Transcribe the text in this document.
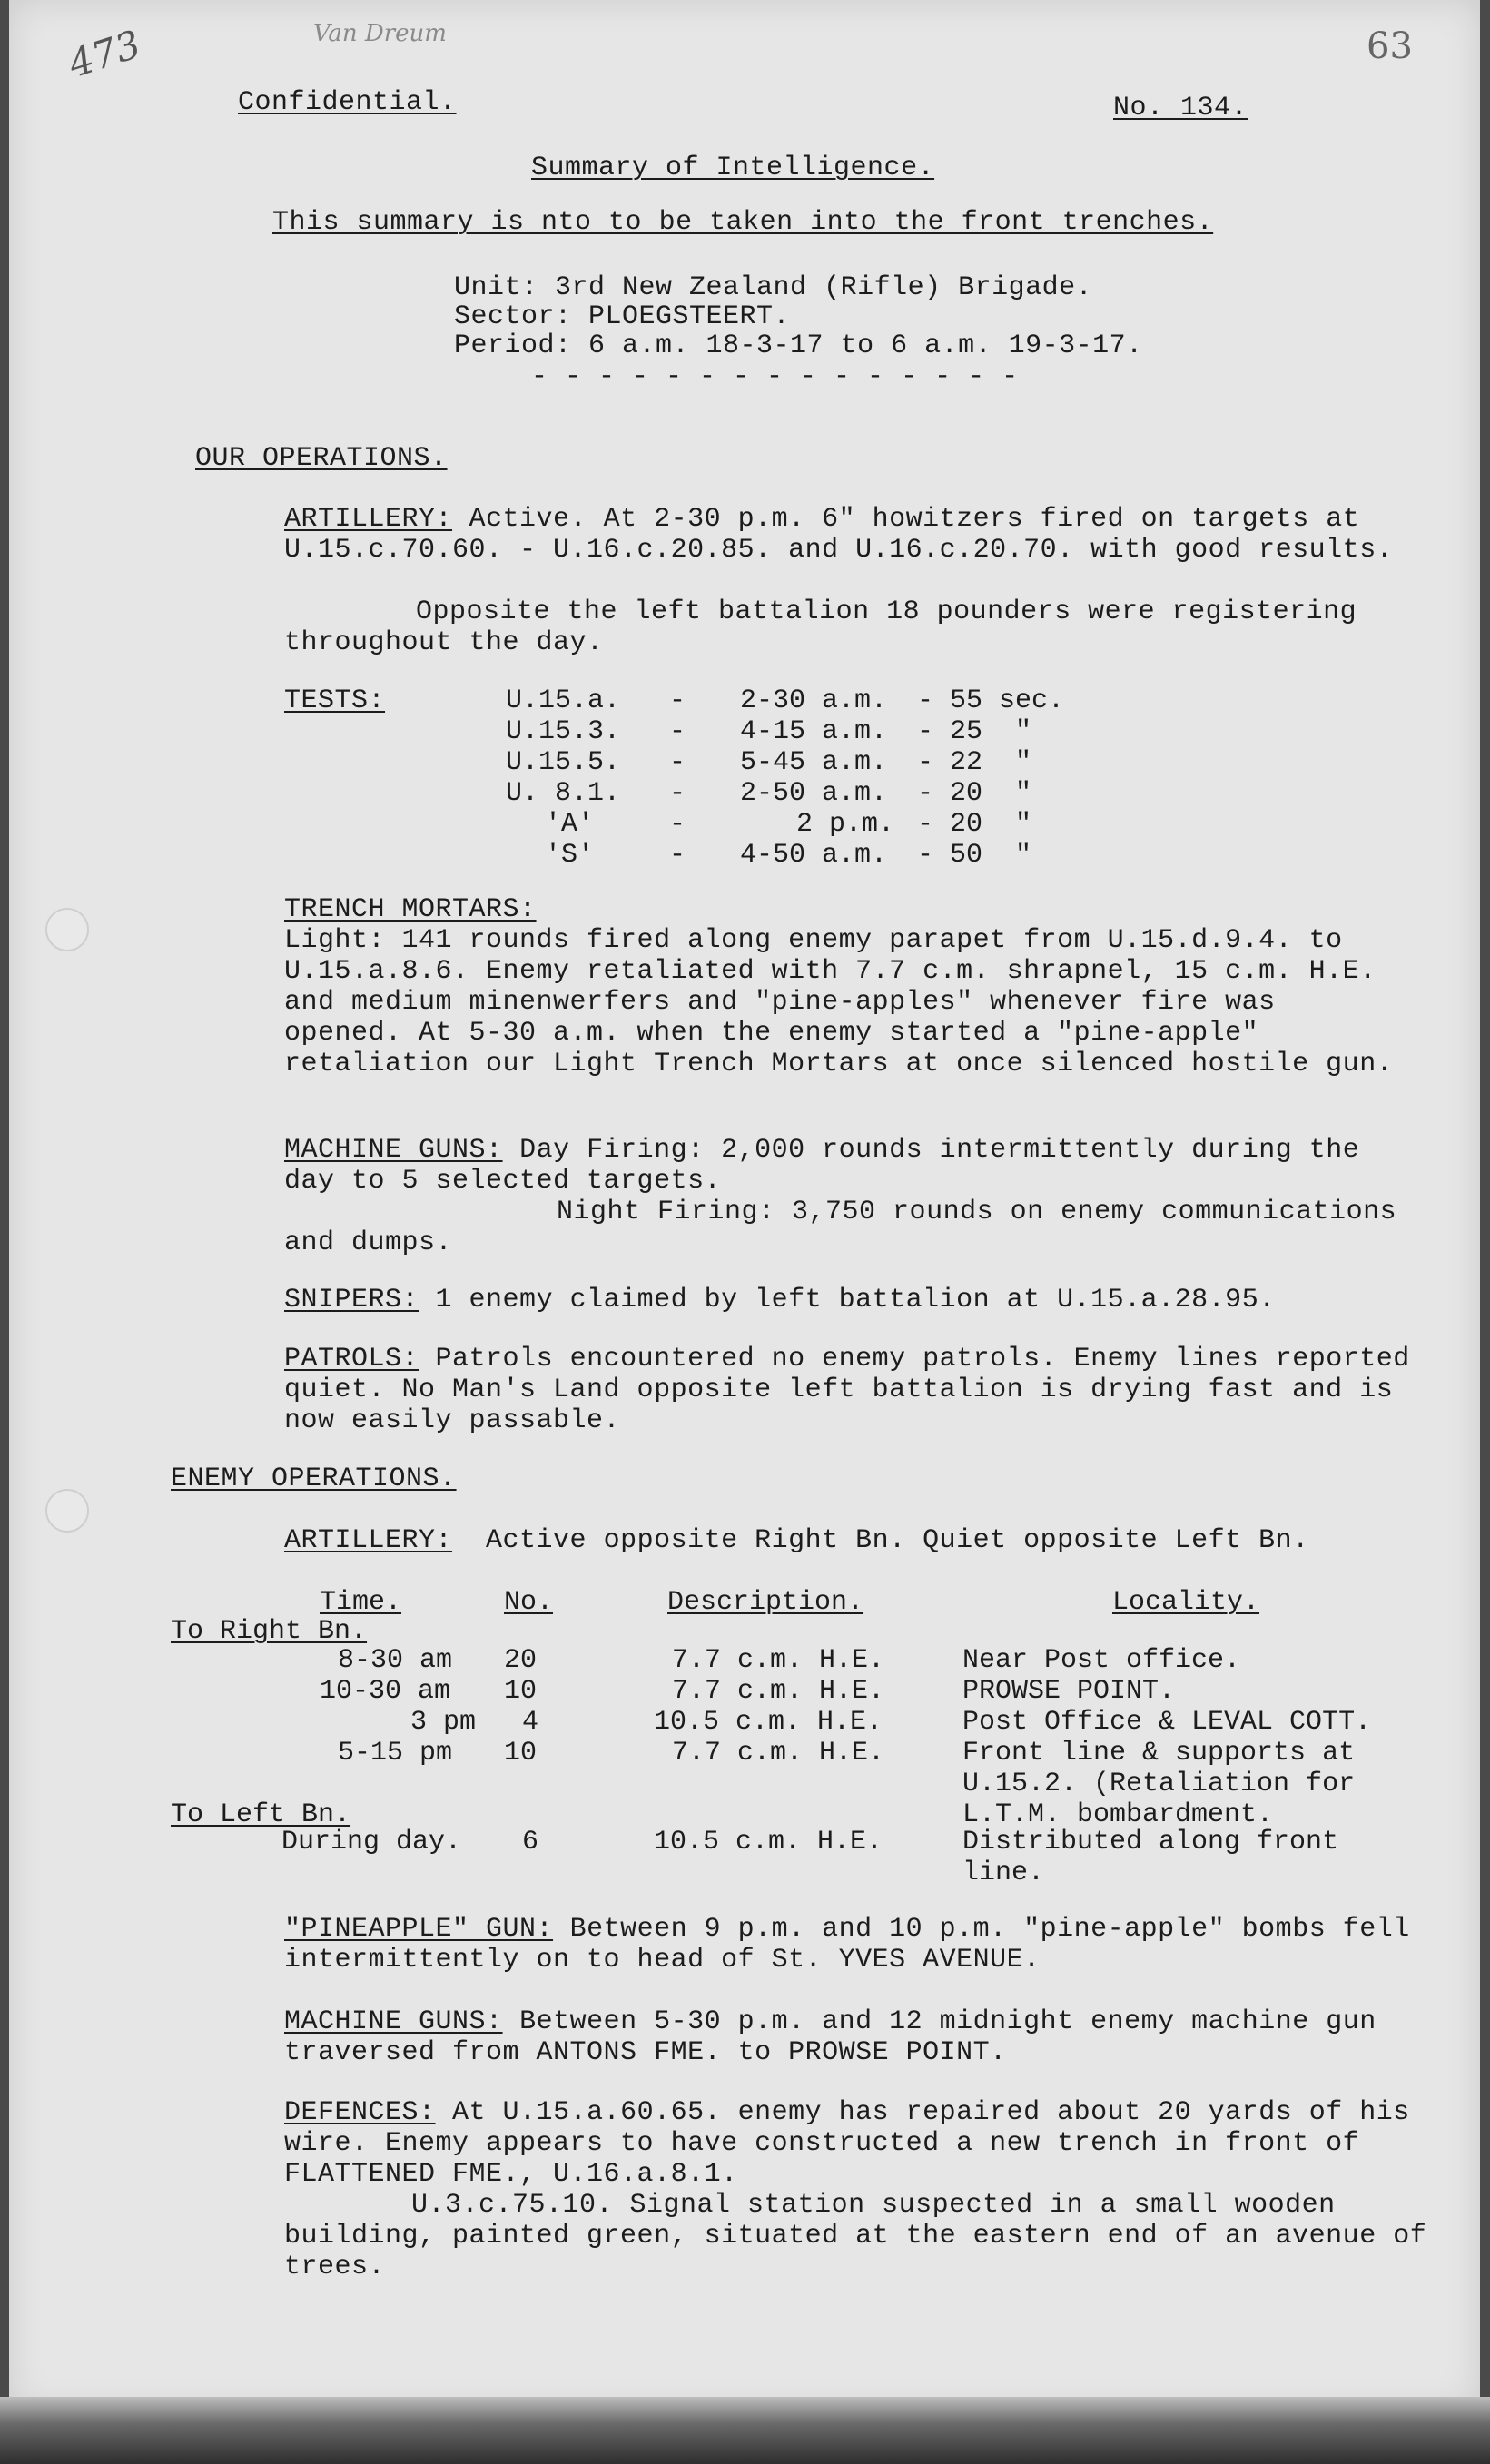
473	Van Dreum	63
Confidential.	No. 134.
Summary of Intelligence.
This summary is nto to be taken into the front trenches.
Unit: 3rd New Zealand (Rifle) Brigade.
Sector: PLOEGSTEERT.
Period: 6 a.m. 18-3-17 to 6 a.m. 19-3-17.
- - - - - - - - - - - - - - -
OUR OPERATIONS.
ARTILLERY: Active. At 2-30 p.m. 6" howitzers fired on targets at U.15.c.70.60. - U.16.c.20.85. and U.16.c.20.70. with good results.
Opposite the left battalion 18 pounders were registering throughout the day.
TESTS:	U.15.a. - 2-30 a.m. - 55 sec.
U.15.3. - 4-15 a.m. - 25  "
U.15.5. - 5-45 a.m. - 22  "
U. 8.1. - 2-50 a.m. - 20  "
'A'	-	2 p.m. - 20  "
'S'	- 4-50 a.m. - 50  "
TRENCH MORTARS:
Light: 141 rounds fired along enemy parapet from U.15.d.9.4. to U.15.a.8.6. Enemy retaliated with 7.7 c.m. shrapnel, 15 c.m. H.E. and medium minenwerfers and "pine-apples" whenever fire was opened. At 5-30 a.m. when the enemy started a "pine-apple" retaliation our Light Trench Mortars at once silenced hostile gun.
MACHINE GUNS: Day Firing: 2,000 rounds intermittently during the day to 5 selected targets.
Night Firing: 3,750 rounds on enemy communications and dumps.
SNIPERS: 1 enemy claimed by left battalion at U.15.a.28.95.
PATROLS: Patrols encountered no enemy patrols. Enemy lines reported quiet. No Man's Land opposite left battalion is drying fast and is now easily passable.
ENEMY OPERATIONS.
ARTILLERY: Active opposite Right Bn. Quiet opposite Left Bn.
Time.	No.	Description.	Locality.
To Right Bn.
8-30 am 20	7.7 c.m. H.E.	Near Post office.
10-30 am 10	7.7 c.m. H.E.	PROWSE POINT.
3 pm 4	10.5 c.m. H.E.	Post Office & LEVAL COTT.
5-15 pm 10	7.7 c.m. H.E.	Front line & supports at U.15.2. (Retaliation for L.T.M. bombardment.
To Left Bn.
During day. 6	10.5 c.m. H.E.	Distributed along front line.
"PINEAPPLE" GUN: Between 9 p.m. and 10 p.m. "pine-apple" bombs fell intermittently on to head of St. YVES AVENUE.
MACHINE GUNS: Between 5-30 p.m. and 12 midnight enemy machine gun traversed from ANTONS FME. to PROWSE POINT.
DEFENCES: At U.15.a.60.65. enemy has repaired about 20 yards of his wire. Enemy appears to have constructed a new trench in front of FLATTENED FME., U.16.a.8.1.
U.3.c.75.10. Signal station suspected in a small wooden building, painted green, situated at the eastern end of an avenue of trees.
